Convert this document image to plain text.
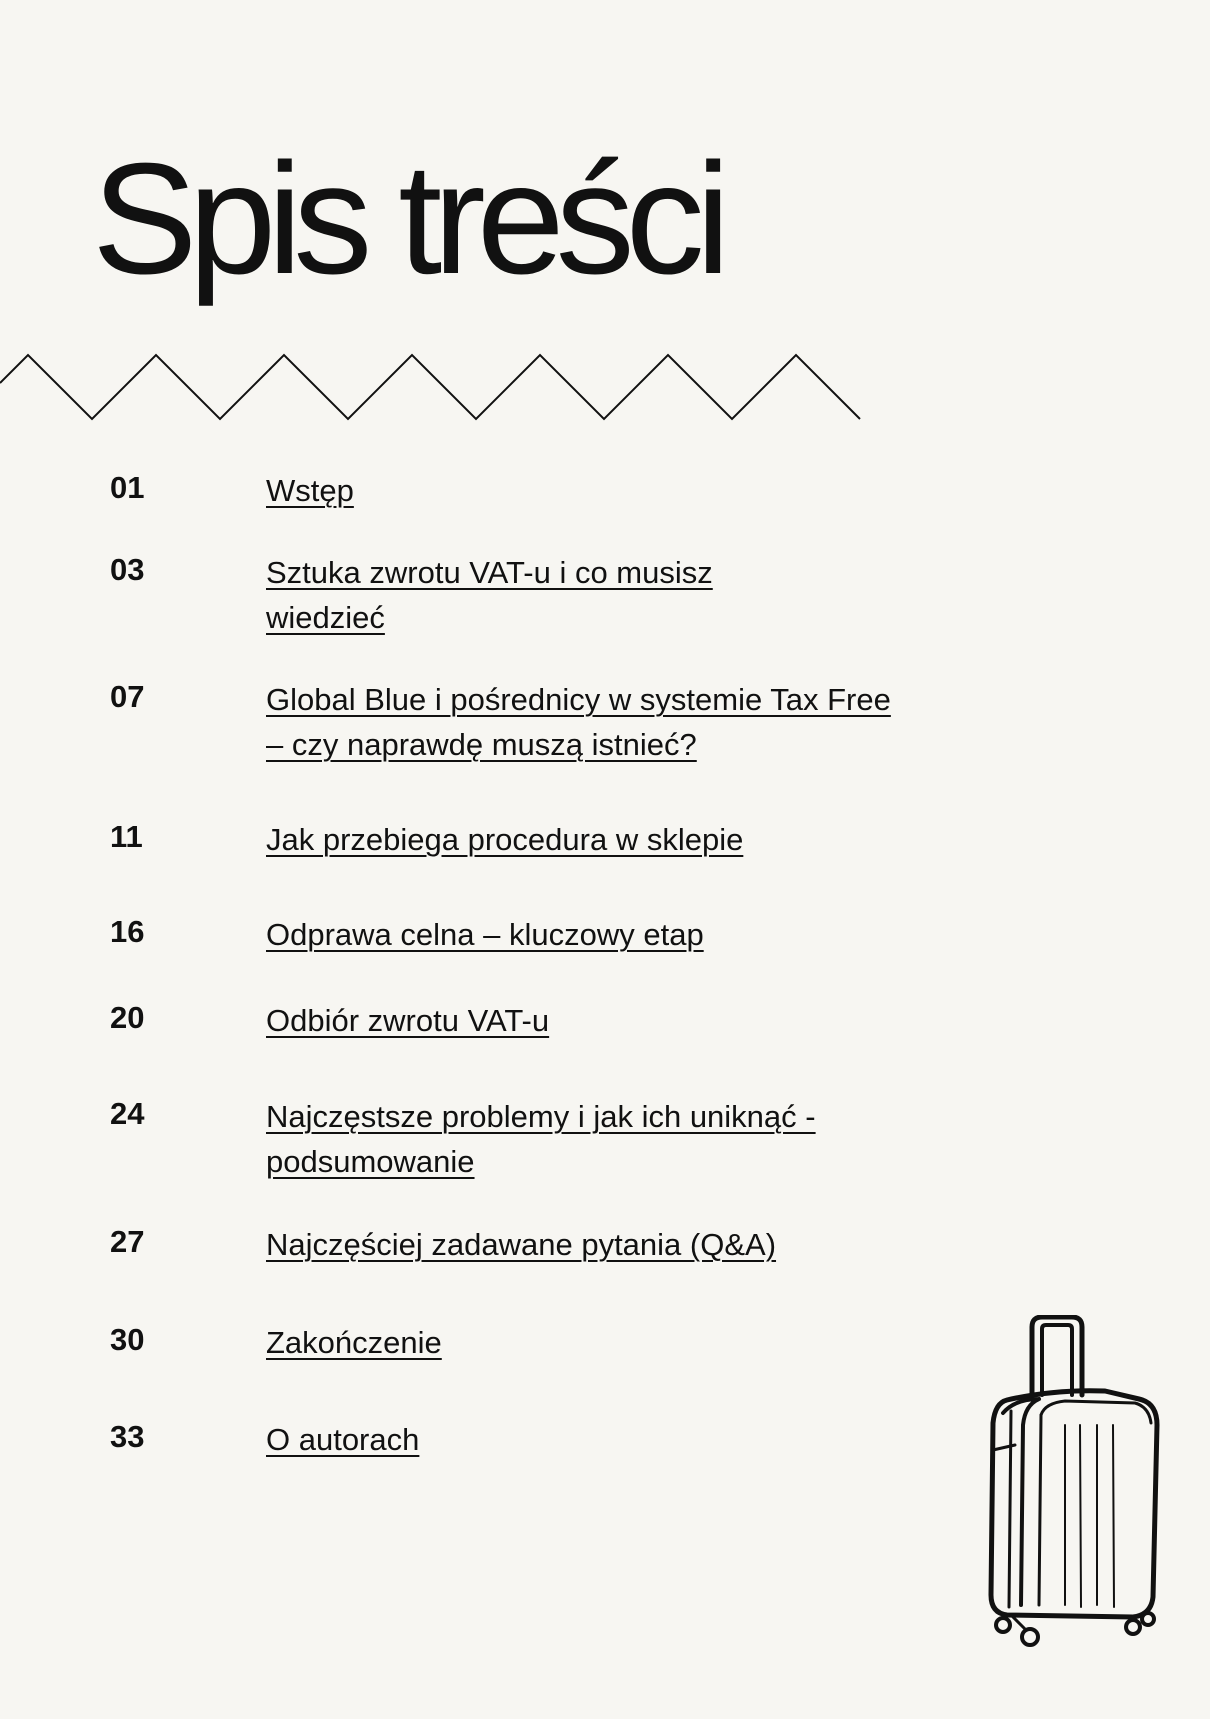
Spis treści
01	Wstęp
03	Sztuka zwrotu VAT-u i co musisz wiedzieć
07	Global Blue i pośrednicy w systemie Tax Free – czy naprawdę muszą istnieć?
11	Jak przebiega procedura w sklepie
16	Odprawa celna – kluczowy etap
20	Odbiór zwrotu VAT-u
24	Najczęstsze problemy i jak ich uniknąć - podsumowanie
27	Najczęściej zadawane pytania (Q&A)
30	Zakończenie
33	O autorach
